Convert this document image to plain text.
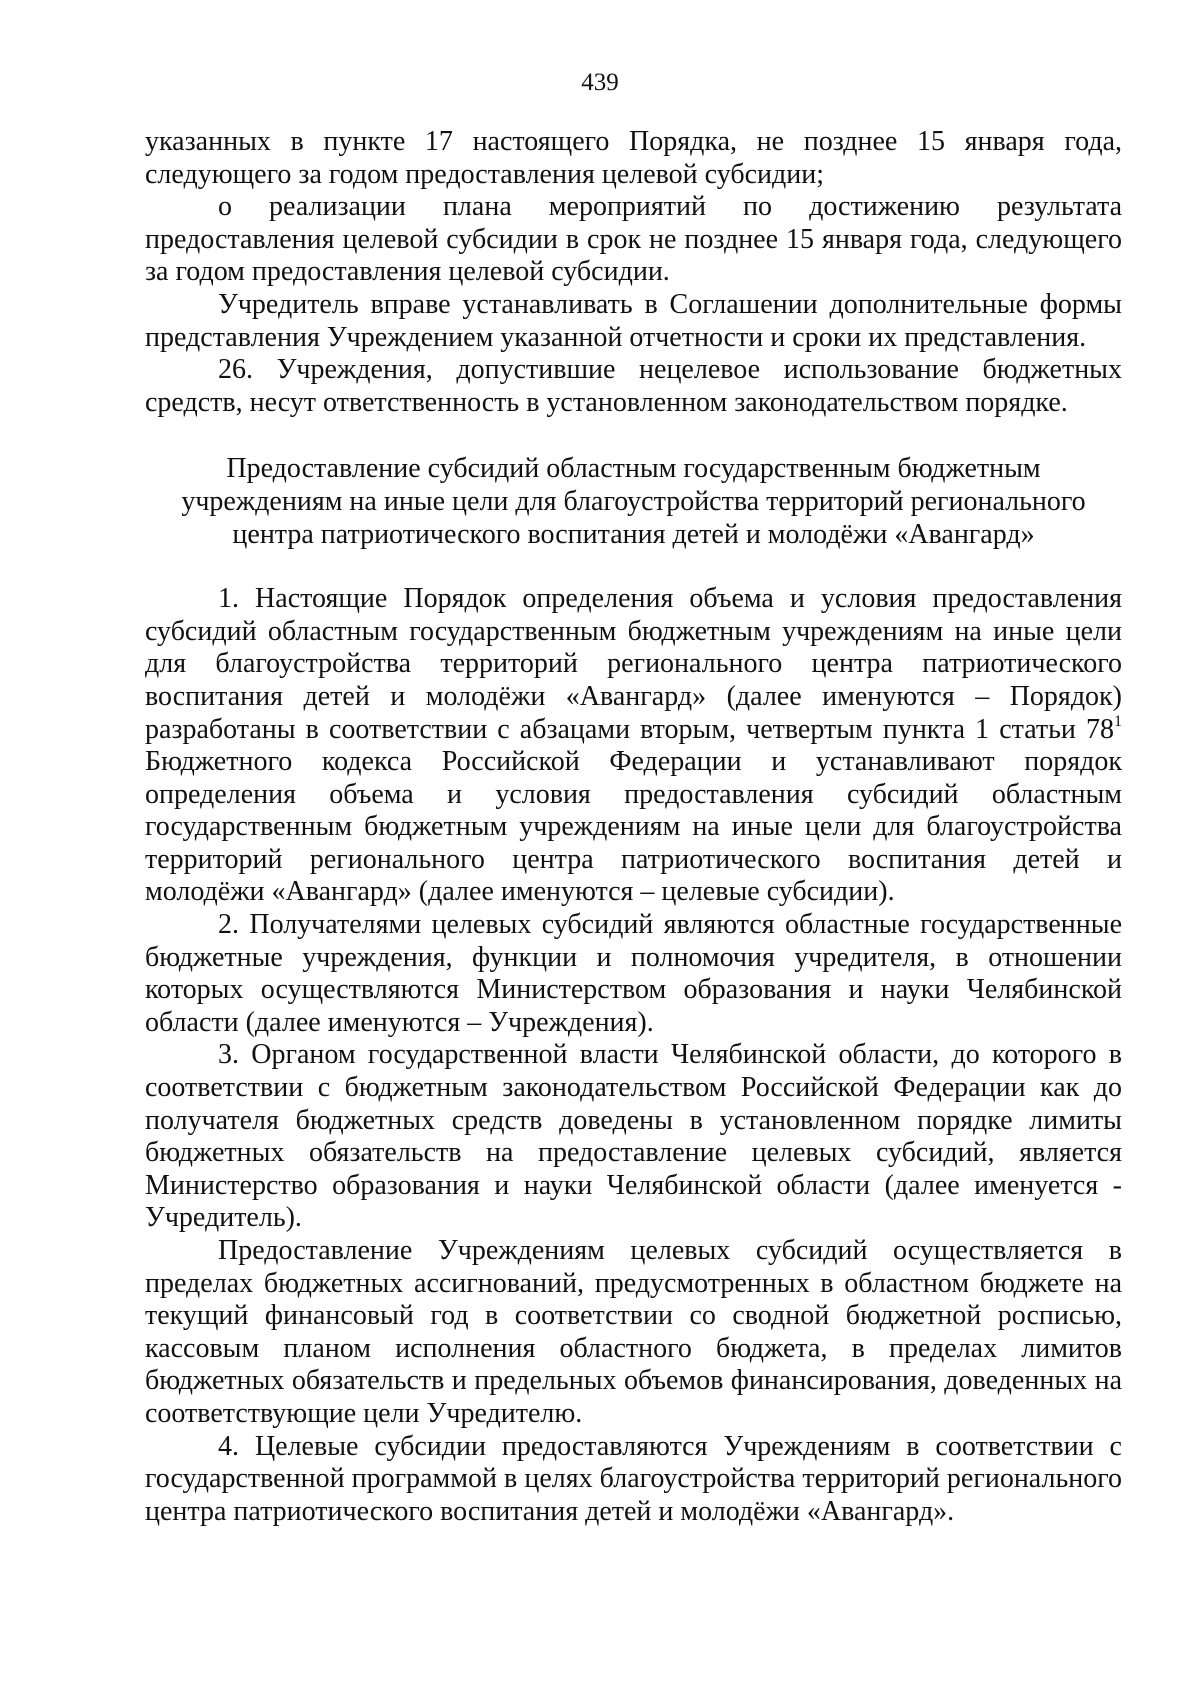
439

указанных в пункте 17 настоящего Порядка, не позднее 15 января года, следующего за годом предоставления целевой субсидии;

о реализации плана мероприятий по достижению результата предоставления целевой субсидии в срок не позднее 15 января года, следующего за годом предоставления целевой субсидии.

Учредитель вправе устанавливать в Соглашении дополнительные формы представления Учреждением указанной отчетности и сроки их представления.

26. Учреждения, допустившие нецелевое использование бюджетных средств, несут ответственность в установленном законодательством порядке.

Предоставление субсидий областным государственным бюджетным
учреждениям на иные цели для благоустройства территорий регионального
центра патриотического воспитания детей и молодёжи «Авангард»

1. Настоящие Порядок определения объема и условия предоставления субсидий областным государственным бюджетным учреждениям на иные цели для благоустройства территорий регионального центра патриотического воспитания детей и молодёжи «Авангард» (далее именуются – Порядок) разработаны в соответствии с абзацами вторым, четвертым пункта 1 статьи $78^1$ Бюджетного кодекса Российской Федерации и устанавливают порядок определения объема и условия предоставления субсидий областным государственным бюджетным учреждениям на иные цели для благоустройства территорий регионального центра патриотического воспитания детей и молодёжи «Авангард» (далее именуются – целевые субсидии).

2. Получателями целевых субсидий являются областные государственные бюджетные учреждения, функции и полномочия учредителя, в отношении которых осуществляются Министерством образования и науки Челябинской области (далее именуются – Учреждения).

3. Органом государственной власти Челябинской области, до которого в соответствии с бюджетным законодательством Российской Федерации как до получателя бюджетных средств доведены в установленном порядке лимиты бюджетных обязательств на предоставление целевых субсидий, является Министерство образования и науки Челябинской области (далее именуется - Учредитель).

Предоставление Учреждениям целевых субсидий осуществляется в пределах бюджетных ассигнований, предусмотренных в областном бюджете на текущий финансовый год в соответствии со сводной бюджетной росписью, кассовым планом исполнения областного бюджета, в пределах лимитов бюджетных обязательств и предельных объемов финансирования, доведенных на соответствующие цели Учредителю.

4. Целевые субсидии предоставляются Учреждениям в соответствии с государственной программой в целях благоустройства территорий регионального центра патриотического воспитания детей и молодёжи «Авангард».
